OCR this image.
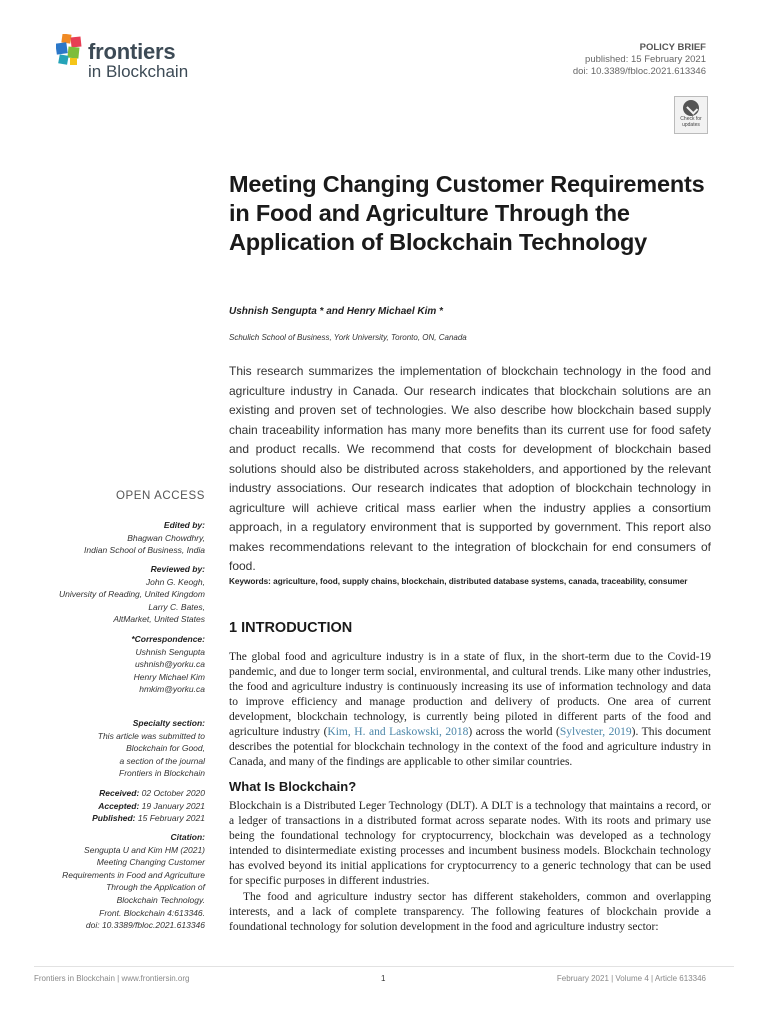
frontiers
in Blockchain
POLICY BRIEF
published: 15 February 2021
doi: 10.3389/fbloc.2021.613346
Check for updates
Meeting Changing Customer Requirements in Food and Agriculture Through the Application of Blockchain Technology
Ushnish Sengupta * and Henry Michael Kim *
Schulich School of Business, York University, Toronto, ON, Canada

This research summarizes the implementation of blockchain technology in the food and agriculture industry in Canada. Our research indicates that blockchain solutions are an existing and proven set of technologies. We also describe how blockchain based supply chain traceability information has many more benefits than its current use for food safety and product recalls. We recommend that costs for development of blockchain based solutions should also be distributed across stakeholders, and apportioned by the relevant industry associations. Our research indicates that adoption of blockchain technology in agriculture will achieve critical mass earlier when the industry applies a consortium approach, in a regulatory environment that is supported by government. This report also makes recommendations relevant to the integration of blockchain for end consumers of food.

Keywords: agriculture, food, supply chains, blockchain, distributed database systems, canada, traceability, consumer
1 INTRODUCTION

The global food and agriculture industry is in a state of flux, in the short-term due to the Covid-19 pandemic, and due to longer term social, environmental, and cultural trends. Like many other industries, the food and agriculture industry is continuously increasing its use of information technology and data to improve efficiency and manage production and delivery of products. One area of current development, blockchain technology, is currently being piloted in different parts of the food and agriculture industry (Kim, H. and Laskowski, 2018) across the world (Sylvester, 2019). This document describes the potential for blockchain technology in the context of the food and agriculture industry in Canada, and many of the findings are applicable to other similar countries.

What Is Blockchain?

Blockchain is a Distributed Leger Technology (DLT). A DLT is a technology that maintains a record, or a ledger of transactions in a distributed format across separate nodes. With its roots and primary use being the foundational technology for cryptocurrency, blockchain was developed as a technology intended to disintermediate existing processes and incumbent business models. Blockchain technology has evolved beyond its initial applications for cryptocurrency to a generic technology that can be used for specific purposes in different industries.

The food and agriculture industry sector has different stakeholders, common and overlapping interests, and a lack of complete transparency. The following features of blockchain provide a foundational technology for solution development in the food and agriculture industry sector:

OPEN ACCESS
Edited by:
Bhagwan Chowdhry,
Indian School of Business, India
Reviewed by:
John G. Keogh,
University of Reading, United Kingdom
Larry C. Bates,
AltMarket, United States
*Correspondence:
Ushnish Sengupta
ushnish@yorku.ca
Henry Michael Kim
hmkim@yorku.ca
Specialty section:
This article was submitted to
Blockchain for Good,
a section of the journal
Frontiers in Blockchain
Received: 02 October 2020
Accepted: 19 January 2021
Published: 15 February 2021
Citation:
Sengupta U and Kim HM (2021)
Meeting Changing Customer
Requirements in Food and Agriculture
Through the Application of
Blockchain Technology.
Front. Blockchain 4:613346.
doi: 10.3389/fbloc.2021.613346
Frontiers in Blockchain | www.frontiersin.org	1	February 2021 | Volume 4 | Article 613346
